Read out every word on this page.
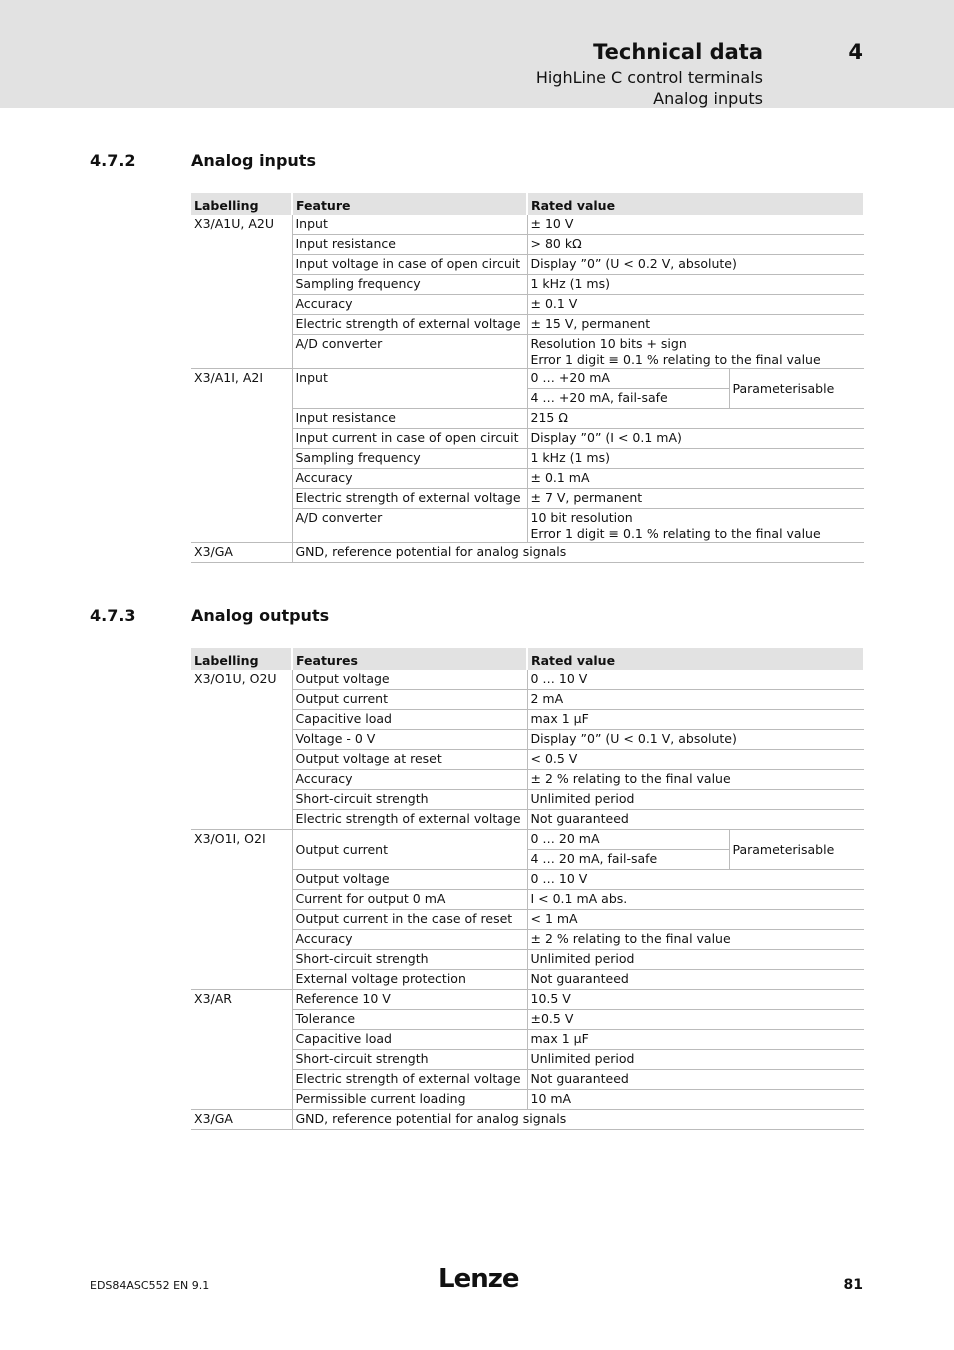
Technical data	4
HighLine C control terminals
Analog inputs
4.7.2	Analog inputs
Labelling	Feature	Rated value	
X3/A1U, A2U	Input	± 10 V	
	Input resistance	> 80 kΩ	
	Input voltage in case of open circuit	Display ”0” (U < 0.2 V, absolute)	
	Sampling frequency	1 kHz (1 ms)	
	Accuracy	± 0.1 V	
	Electric strength of external voltage	± 15 V, permanent	
	A/D converter	Resolution 10 bits + sign
Error 1 digit ≡ 0.1 % relating to the final value	

X3/A1I, A2I	Input	0 … +20 mA	Parameterisable
		4 … +20 mA, fail-safe	
	Input resistance	215 Ω	
	Input current in case of open circuit	Display ”0” (I < 0.1 mA)	
	Sampling frequency	1 kHz (1 ms)	
	Accuracy	± 0.1 mA	
	Electric strength of external voltage	± 7 V, permanent	
	A/D converter	10 bit resolution
Error 1 digit ≡ 0.1 % relating to the final value	

X3/GA	GND, reference potential for analog signals		
4.7.3	Analog outputs
Labelling	Features	Rated value	
X3/O1U, O2U	Output voltage	0 … 10 V	
	Output current	2 mA	
	Capacitive load	max 1 µF	
	Voltage - 0 V	Display ”0” (U < 0.1 V, absolute)	
	Output voltage at reset	< 0.5 V	
	Accuracy	± 2 % relating to the final value	
	Short-circuit strength	Unlimited period	
	Electric strength of external voltage	Not guaranteed	
X3/O1I, O2I	Output current	0 … 20 mA	Parameterisable
		4 … 20 mA, fail-safe	
	Output voltage	0 … 10 V	
	Current for output 0 mA	I < 0.1 mA abs.	
	Output current in the case of reset	< 1 mA	
	Accuracy	± 2 % relating to the final value	
	Short-circuit strength	Unlimited period	
	External voltage protection	Not guaranteed	
X3/AR	Reference 10 V	10.5 V	
	Tolerance	±0.5 V	
	Capacitive load	max 1 µF	
	Short-circuit strength	Unlimited period	
	Electric strength of external voltage	Not guaranteed	
	Permissible current loading	10 mA	
X3/GA	GND, reference potential for analog signals		
EDS84ASC552 EN 9.1	Lenze	81
